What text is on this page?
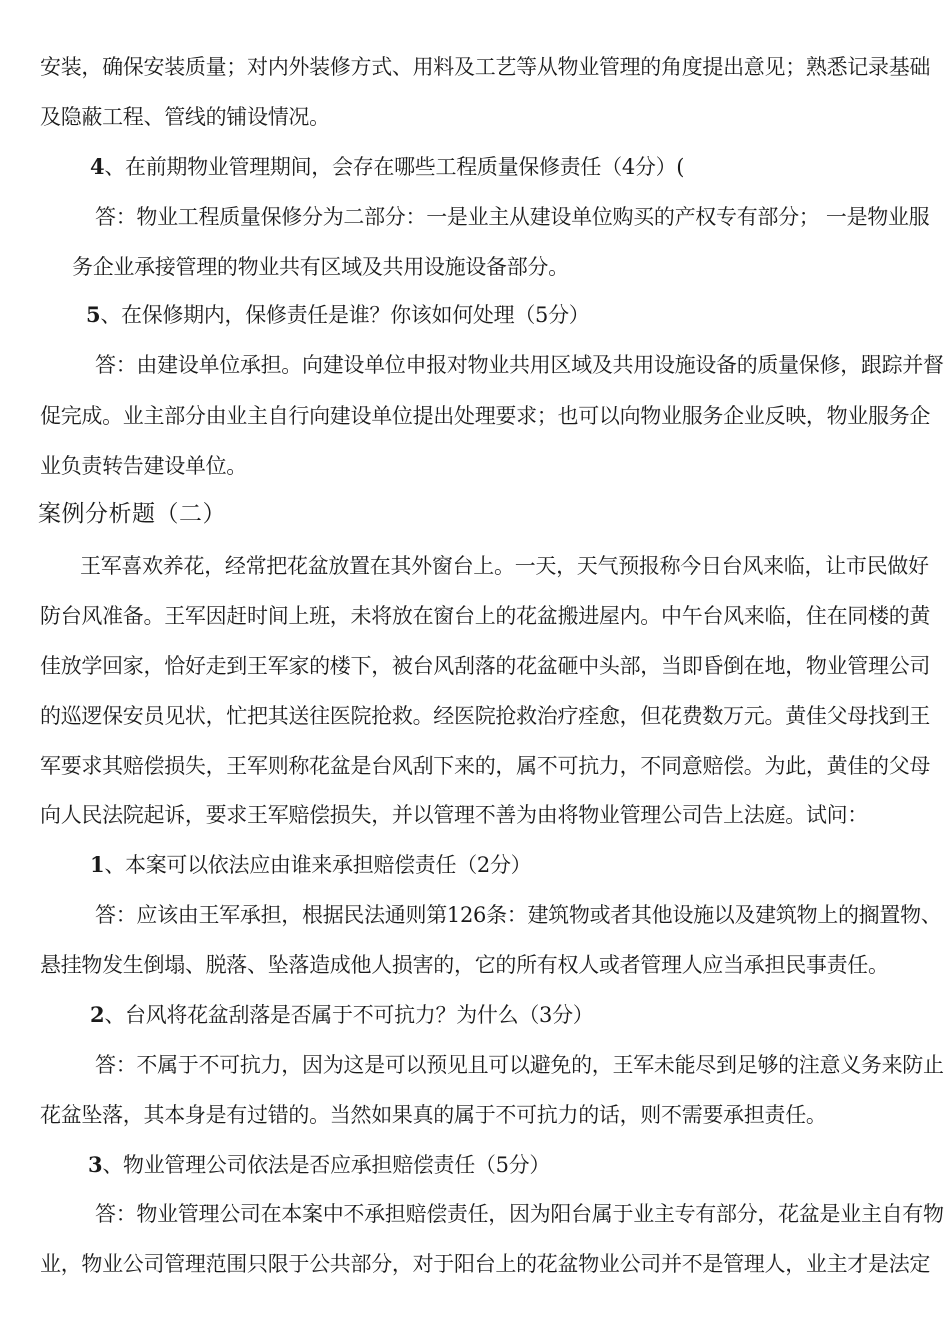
安装，确保安装质量；对内外装修方式、用料及工艺等从物业管理的角度提出意见；熟悉记录基础
及隐蔽工程、管线的铺设情况。
4、在前期物业管理期间，会存在哪些工程质量保修责任（4分）(
答：物业工程质量保修分为二部分：一是业主从建设单位购买的产权专有部分； 一是物业服
务企业承接管理的物业共有区域及共用设施设备部分。
5、在保修期内，保修责任是谁？你该如何处理（5分）
答：由建设单位承担。向建设单位申报对物业共用区域及共用设施设备的质量保修，跟踪并督
促完成。业主部分由业主自行向建设单位提出处理要求；也可以向物业服务企业反映，物业服务企
业负责转告建设单位。
案例分析题（二）
王军喜欢养花，经常把花盆放置在其外窗台上。一天，天气预报称今日台风来临，让市民做好
防台风准备。王军因赶时间上班，未将放在窗台上的花盆搬进屋内。中午台风来临，住在同楼的黄
佳放学回家，恰好走到王军家的楼下，被台风刮落的花盆砸中头部，当即昏倒在地，物业管理公司
的巡逻保安员见状，忙把其送往医院抢救。经医院抢救治疗痊愈，但花费数万元。黄佳父母找到王
军要求其赔偿损失，王军则称花盆是台风刮下来的，属不可抗力，不同意赔偿。为此，黄佳的父母
向人民法院起诉，要求王军赔偿损失，并以管理不善为由将物业管理公司告上法庭。试问：
1、本案可以依法应由谁来承担赔偿责任（2分）
答：应该由王军承担，根据民法通则第126条：建筑物或者其他设施以及建筑物上的搁置物、
悬挂物发生倒塌、脱落、坠落造成他人损害的，它的所有权人或者管理人应当承担民事责任。
2、台风将花盆刮落是否属于不可抗力？为什么（3分）
答：不属于不可抗力，因为这是可以预见且可以避免的，王军未能尽到足够的注意义务来防止
花盆坠落，其本身是有过错的。当然如果真的属于不可抗力的话，则不需要承担责任。
3、物业管理公司依法是否应承担赔偿责任（5分）
答：物业管理公司在本案中不承担赔偿责任，因为阳台属于业主专有部分，花盆是业主自有物
业，物业公司管理范围只限于公共部分，对于阳台上的花盆物业公司并不是管理人，业主才是法定
